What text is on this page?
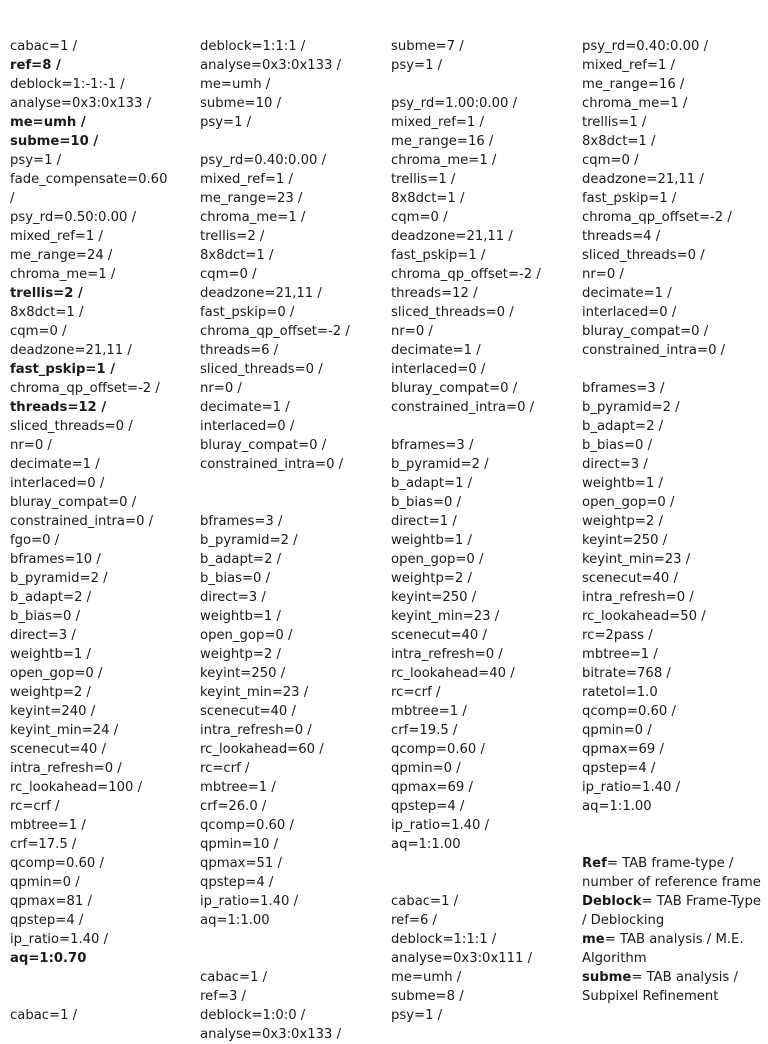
cabac=1 /
ref=8 /
deblock=1:-1:-1 /
analyse=0x3:0x133 /
me=umh /
subme=10 /
psy=1 /
fade_compensate=0.60
/
psy_rd=0.50:0.00 /
mixed_ref=1 /
me_range=24 /
chroma_me=1 /
trellis=2 /
8x8dct=1 /
cqm=0 /
deadzone=21,11 /
fast_pskip=1 /
chroma_qp_offset=-2 /
threads=12 /
sliced_threads=0 /
nr=0 /
decimate=1 /
interlaced=0 /
bluray_compat=0 /
constrained_intra=0 /
fgo=0 /
bframes=10 /
b_pyramid=2 /
b_adapt=2 /
b_bias=0 /
direct=3 /
weightb=1 /
open_gop=0 /
weightp=2 /
keyint=240 /
keyint_min=24 /
scenecut=40 /
intra_refresh=0 /
rc_lookahead=100 /
rc=crf /
mbtree=1 /
crf=17.5 /
qcomp=0.60 /
qpmin=0 /
qpmax=81 /
qpstep=4 /
ip_ratio=1.40 /
aq=1:0.70
cabac=1 /
deblock=1:1:1 /
analyse=0x3:0x133 /
me=umh /
subme=10 /
psy=1 /
psy_rd=0.40:0.00 /
mixed_ref=1 /
me_range=23 /
chroma_me=1 /
trellis=2 /
8x8dct=1 /
cqm=0 /
deadzone=21,11 /
fast_pskip=0 /
chroma_qp_offset=-2 /
threads=6 /
sliced_threads=0 /
nr=0 /
decimate=1 /
interlaced=0 /
bluray_compat=0 /
constrained_intra=0 /
bframes=3 /
b_pyramid=2 /
b_adapt=2 /
b_bias=0 /
direct=3 /
weightb=1 /
open_gop=0 /
weightp=2 /
keyint=250 /
keyint_min=23 /
scenecut=40 /
intra_refresh=0 /
rc_lookahead=60 /
rc=crf /
mbtree=1 /
crf=26.0 /
qcomp=0.60 /
qpmin=10 /
qpmax=51 /
qpstep=4 /
ip_ratio=1.40 /
aq=1:1.00
cabac=1 /
ref=3 /
deblock=1:0:0 /
analyse=0x3:0x133 /
subme=7 /
psy=1 /
psy_rd=1.00:0.00 /
mixed_ref=1 /
me_range=16 /
chroma_me=1 /
trellis=1 /
8x8dct=1 /
cqm=0 /
deadzone=21,11 /
fast_pskip=1 /
chroma_qp_offset=-2 /
threads=12 /
sliced_threads=0 /
nr=0 /
decimate=1 /
interlaced=0 /
bluray_compat=0 /
constrained_intra=0 /
bframes=3 /
b_pyramid=2 /
b_adapt=1 /
b_bias=0 /
direct=1 /
weightb=1 /
open_gop=0 /
weightp=2 /
keyint=250 /
keyint_min=23 /
scenecut=40 /
intra_refresh=0 /
rc_lookahead=40 /
rc=crf /
mbtree=1 /
crf=19.5 /
qcomp=0.60 /
qpmin=0 /
qpmax=69 /
qpstep=4 /
ip_ratio=1.40 /
aq=1:1.00
cabac=1 /
ref=6 /
deblock=1:1:1 /
analyse=0x3:0x111 /
me=umh /
subme=8 /
psy=1 /
psy_rd=0.40:0.00 /
mixed_ref=1 /
me_range=16 /
chroma_me=1 /
trellis=1 /
8x8dct=1 /
cqm=0 /
deadzone=21,11 /
fast_pskip=1 /
chroma_qp_offset=-2 /
threads=4 /
sliced_threads=0 /
nr=0 /
decimate=1 /
interlaced=0 /
bluray_compat=0 /
constrained_intra=0 /
bframes=3 /
b_pyramid=2 /
b_adapt=2 /
b_bias=0 /
direct=3 /
weightb=1 /
open_gop=0 /
weightp=2 /
keyint=250 /
keyint_min=23 /
scenecut=40 /
intra_refresh=0 /
rc_lookahead=50 /
rc=2pass /
mbtree=1 /
bitrate=768 /
ratetol=1.0
qcomp=0.60 /
qpmin=0 /
qpmax=69 /
qpstep=4 /
ip_ratio=1.40 /
aq=1:1.00
Ref= TAB frame-type / number of reference frame
Deblock= TAB Frame-Type / Deblocking
me= TAB analysis / M.E. Algorithm
subme= TAB analysis / Subpixel Refinement
